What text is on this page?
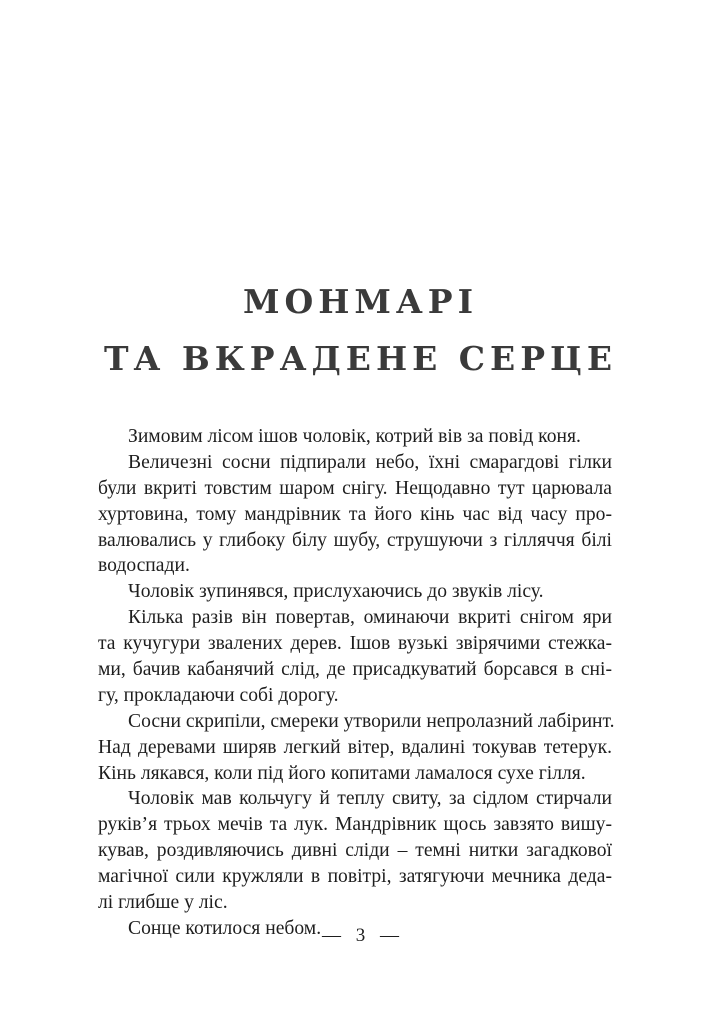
МОНМАРІ
ТА ВКРАДЕНЕ СЕРЦЕ
Зимовим лісом ішов чоловік, котрий вів за повід коня.
Величезні сосни підпирали небо, їхні смарагдові гілки
були вкриті товстим шаром снігу. Нещодавно тут царювала
хуртовина, тому мандрівник та його кінь час від часу про-
валювались у глибоку білу шубу, струшуючи з гілляччя білі
водоспади.
Чоловік зупинявся, прислухаючись до звуків лісу.
Кілька разів він повертав, оминаючи вкриті снігом яри
та кучугури звалених дерев. Ішов вузькі звірячими стежка-
ми, бачив кабанячий слід, де присадкуватий борсався в сні-
гу, прокладаючи собі дорогу.
Сосни скрипіли, смереки утворили непролазний лабіринт.
Над деревами ширяв легкий вітер, вдалині токував тетерук.
Кінь лякався, коли під його копитами ламалося сухе гілля.
Чоловік мав кольчугу й теплу свиту, за сідлом стирчали
руків’я трьох мечів та лук. Мандрівник щось завзято вишу-
кував, роздивляючись дивні сліди – темні нитки загадкової
магічної сили кружляли в повітрі, затягуючи мечника деда-
лі глибше у ліс.
Сонце котилося небом. — 3 —
